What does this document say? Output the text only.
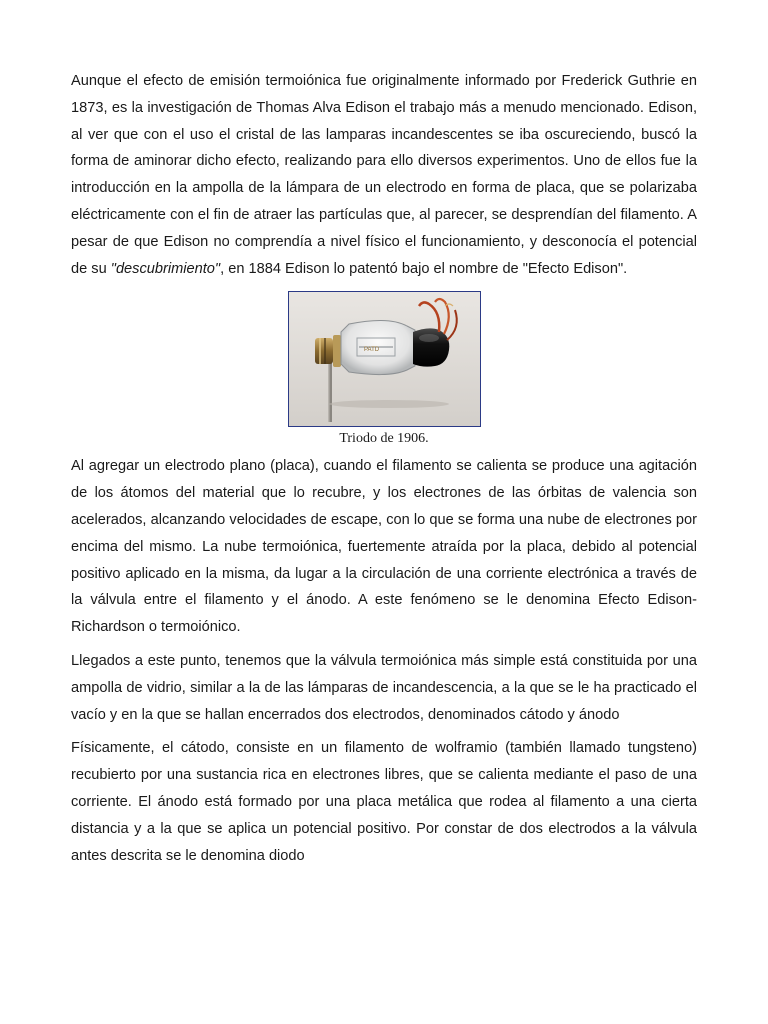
Aunque el efecto de emisión termoiónica fue originalmente informado por Frederick Guthrie en 1873, es la investigación de Thomas Alva Edison el trabajo más a menudo mencionado. Edison, al ver que con el uso el cristal de las lamparas incandescentes se iba oscureciendo, buscó la forma de aminorar dicho efecto, realizando para ello diversos experimentos. Uno de ellos fue la introducción en la ampolla de la lámpara de un electrodo en forma de placa, que se polarizaba eléctricamente con el fin de atraer las partículas que, al parecer, se desprendían del filamento. A pesar de que Edison no comprendía a nivel físico el funcionamiento, y desconocía el potencial de su "descubrimiento", en 1884 Edison lo patentó bajo el nombre de "Efecto Edison".

PATD
Triodo de 1906.

Al agregar un electrodo plano (placa), cuando el filamento se calienta se produce una agitación de los átomos del material que lo recubre, y los electrones de las órbitas de valencia son acelerados, alcanzando velocidades de escape, con lo que se forma una nube de electrones por encima del mismo. La nube termoiónica, fuertemente atraída por la placa, debido al potencial positivo aplicado en la misma, da lugar a la circulación de una corriente electrónica a través de la válvula entre el filamento y el ánodo. A este fenómeno se le denomina Efecto Edison-Richardson o termoiónico.

Llegados a este punto, tenemos que la válvula termoiónica más simple está constituida por una ampolla de vidrio, similar a la de las lámparas de incandescencia, a la que se le ha practicado el vacío y en la que se hallan encerrados dos electrodos, denominados cátodo y ánodo

Físicamente, el cátodo, consiste en un filamento de wolframio (también llamado tungsteno) recubierto por una sustancia rica en electrones libres, que se calienta mediante el paso de una corriente. El ánodo está formado por una placa metálica que rodea al filamento a una cierta distancia y a la que se aplica un potencial positivo. Por constar de dos electrodos a la válvula antes descrita se le denomina diodo
